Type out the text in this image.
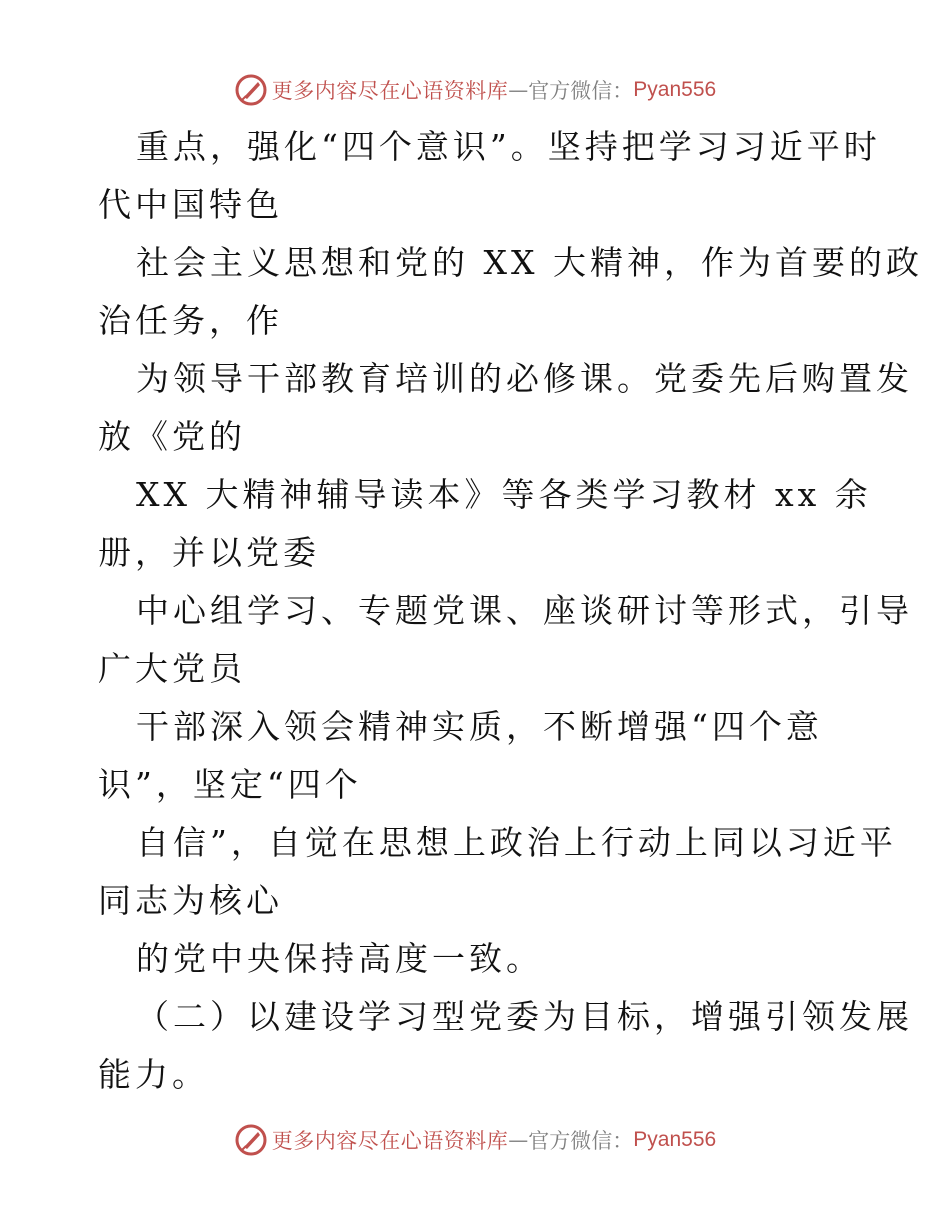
更多内容尽在心语资料库 — 官方微信： Pyan556
重点，强化“四个意识”。坚持把学习习近平时
代中国特色
社会主义思想和党的 XX 大精神，作为首要的政
治任务，作
为领导干部教育培训的必修课。党委先后购置发
放《党的
XX 大精神辅导读本》等各类学习教材 xx 余
册，并以党委
中心组学习、专题党课、座谈研讨等形式，引导
广大党员
干部深入领会精神实质，不断增强“四个意
识”，坚定“四个
自信”，自觉在思想上政治上行动上同以习近平
同志为核心
的党中央保持高度一致。
（二）以建设学习型党委为目标，增强引领发展
能力。
更多内容尽在心语资料库 — 官方微信： Pyan556
